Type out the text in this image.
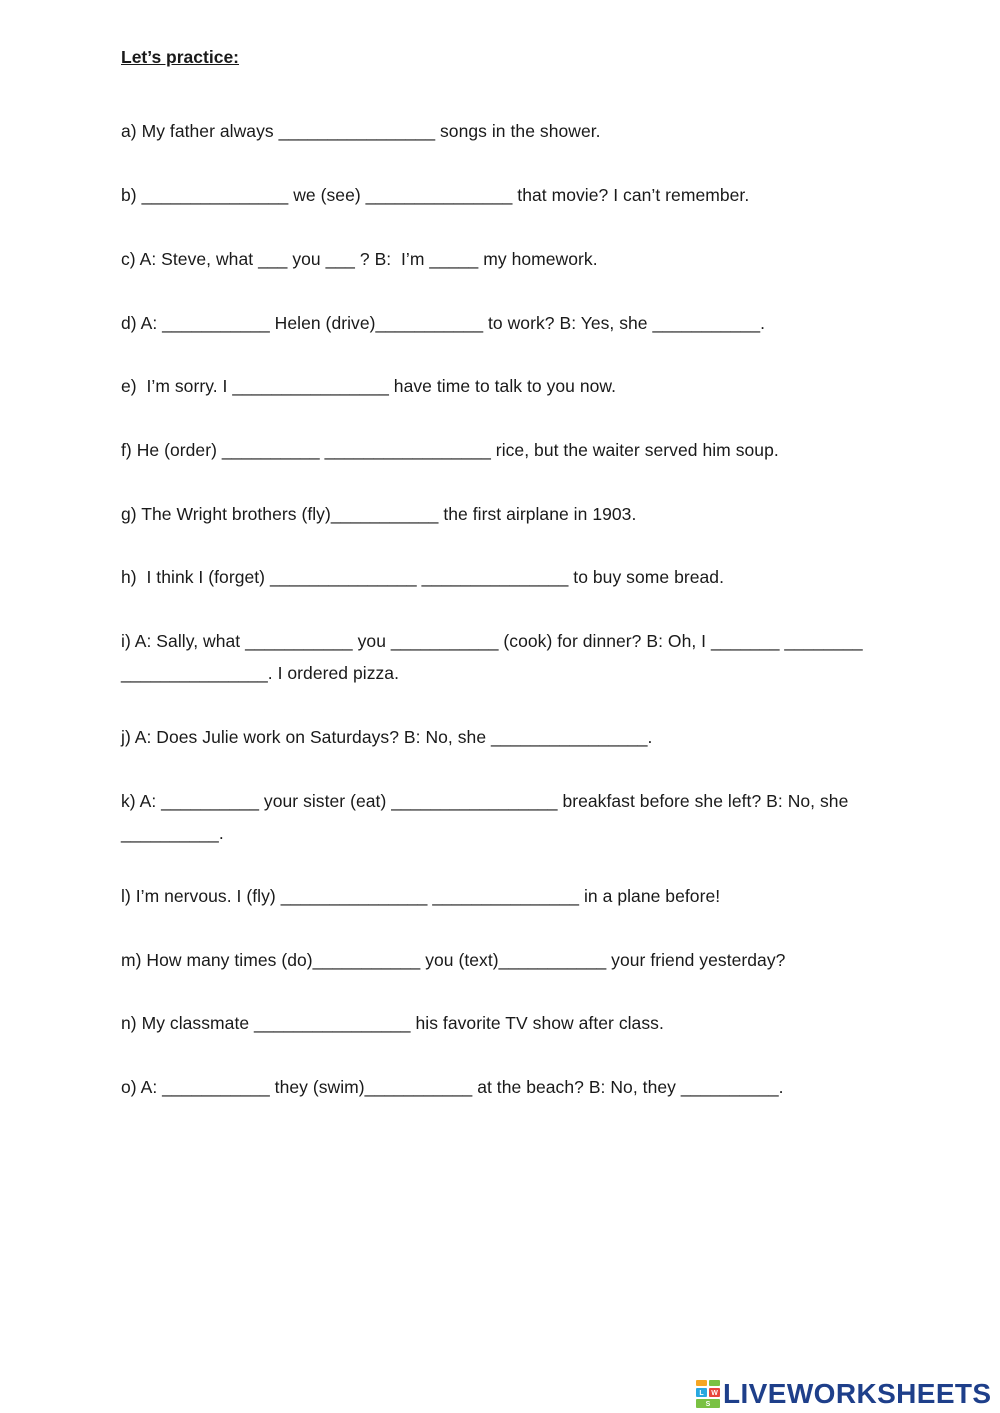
Let’s practice:
a) My father always ________________ songs in the shower.
b) _______________ we (see) _______________ that movie? I can’t remember.
c) A: Steve, what ___ you ___ ? B:  I’m _____ my homework.
d) A: ___________ Helen (drive)___________ to work? B: Yes, she ___________.
e)  I’m sorry. I ________________ have time to talk to you now.
f) He (order) __________ _________________ rice, but the waiter served him soup.
g) The Wright brothers (fly)___________ the first airplane in 1903.
h)  I think I (forget) _______________ _______________ to buy some bread.
i) A: Sally, what ___________ you ___________ (cook) for dinner? B: Oh, I _______ ________
_______________. I ordered pizza.
j) A: Does Julie work on Saturdays? B: No, she ________________.
k) A: __________ your sister (eat) _________________ breakfast before she left? B: No, she
__________.
l) I’m nervous. I (fly) _______________ _______________ in a plane before!
m) How many times (do)___________ you (text)___________ your friend yesterday?
n) My classmate ________________ his favorite TV show after class.
o) A: ___________ they (swim)___________ at the beach? B: No, they __________.
L W
S LIVEWORKSHEETS
